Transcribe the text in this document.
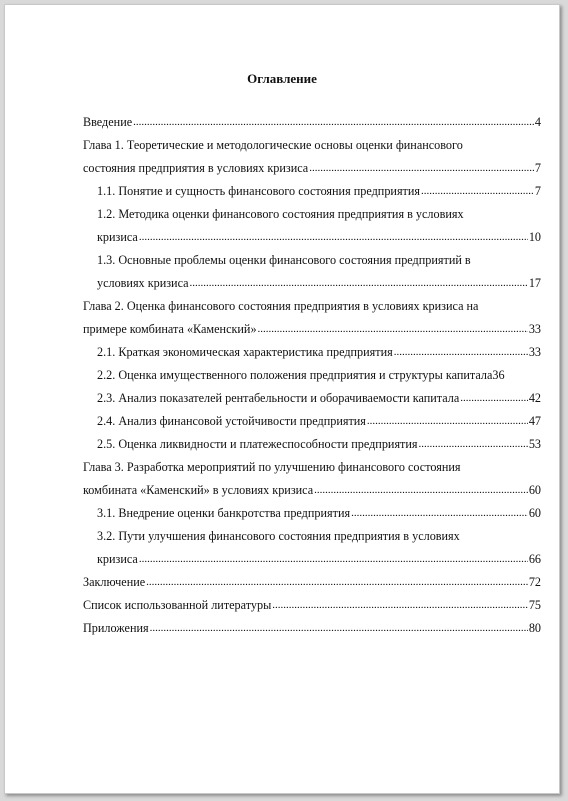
Оглавление
Введение .....	4
Глава 1. Теоретические и методологические основы оценки финансового
состояния предприятия в условиях кризиса .....	7
1.1. Понятие и сущность финансового состояния предприятия .....	7
1.2. Методика оценки финансового состояния предприятия в условиях
кризиса .....	10
1.3. Основные проблемы оценки финансового состояния предприятий в
условиях кризиса .....	17
Глава 2. Оценка финансового состояния предприятия в условиях кризиса на
примере комбината «Каменский» .....	33
2.1. Краткая экономическая характеристика предприятия .....	33
2.2. Оценка имущественного положения предприятия и структуры капитала 36
2.3. Анализ показателей рентабельности и оборачиваемости капитала .....	42
2.4. Анализ финансовой устойчивости предприятия .....	47
2.5. Оценка ликвидности и платежеспособности предприятия .....	53
Глава 3. Разработка мероприятий по улучшению финансового состояния
комбината «Каменский» в условиях кризиса .....	60
3.1. Внедрение оценки банкротства предприятия .....	60
3.2. Пути улучшения финансового состояния предприятия в условиях
кризиса .....	66
Заключение .....	72
Список использованной литературы .....	75
Приложения .....	80
